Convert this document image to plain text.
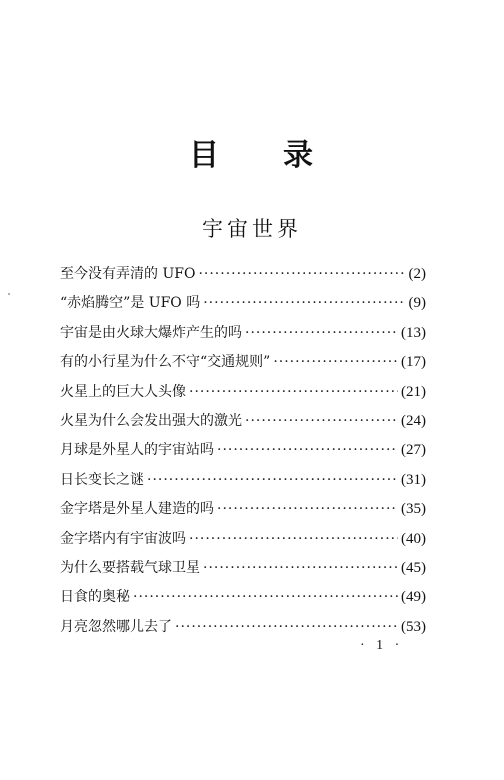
目 录
宇宙世界
至今没有弄清的 UFO ·····	(2)
“赤焰腾空”是 UFO 吗 ·····	(9)
宇宙是由火球大爆炸产生的吗 ·····	(13)
有的小行星为什么不守“交通规则” ·····	(17)
火星上的巨大人头像 ·····	(21)
火星为什么会发出强大的激光 ·····	(24)
月球是外星人的宇宙站吗 ·····	(27)
日长变长之谜 ·····	(31)
金字塔是外星人建造的吗 ·····	(35)
金字塔内有宇宙波吗 ·····	(40)
为什么要搭载气球卫星 ·····	(45)
日食的奥秘 ·····	(49)
月亮忽然哪儿去了 ·····	(53)
· 1 ·
